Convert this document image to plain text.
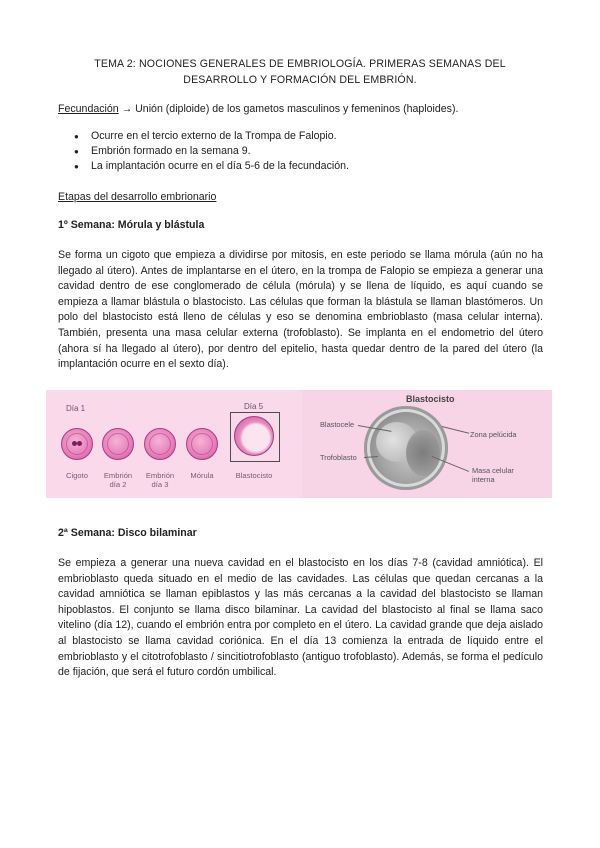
TEMA 2: NOCIONES GENERALES DE EMBRIOLOGÍA. PRIMERAS SEMANAS DEL
DESARROLLO Y FORMACIÓN DEL EMBRIÓN.
Fecundación → Unión (diploide) de los gametos masculinos y femeninos (haploides).
● Ocurre en el tercio externo de la Trompa de Falopio.
● Embrión formado en la semana 9.
● La implantación ocurre en el día 5-6 de la fecundación.
Etapas del desarrollo embrionario
1º Semana: Mórula y blástula

Se forma un cigoto que empieza a dividirse por mitosis, en este periodo se llama mórula (aún no ha llegado al útero). Antes de implantarse en el útero, en la trompa de Falopio se empieza a generar una cavidad dentro de ese conglomerado de célula (mórula) y se llena de líquido, es aquí cuando se empieza a llamar blástula o blastocisto. Las células que forman la blástula se llaman blastómeros. Un polo del blastocisto está lleno de células y eso se denomina embrioblasto (masa celular interna). También, presenta una masa celular externa (trofoblasto). Se implanta en el endometrio del útero (ahora sí ha llegado al útero), por dentro del epitelio, hasta quedar dentro de la pared del útero (la implantación ocurre en el sexto día).

Día 1	Día 5
Cigoto	Embrión
día 2
Embrión
día 3
Mórula	Blastocisto
Blastocisto
Blastocele
Trofoblasto
Zona pelúcida
Masa celular
interna
2ª Semana: Disco bilaminar

Se empieza a generar una nueva cavidad en el blastocisto en los días 7-8 (cavidad amniótica). El embrioblasto queda situado en el medio de las cavidades. Las células que quedan cercanas a la cavidad amniótica se llaman epiblastos y las más cercanas a la cavidad del blastocisto se llaman hipoblastos. El conjunto se llama disco bilaminar. La cavidad del blastocisto al final se llama saco vitelino (día 12), cuando el embrión entra por completo en el útero. La cavidad grande que deja aislado al blastocisto se llama cavidad coriónica. En el día 13 comienza la entrada de líquido entre el embrioblasto y el citotrofoblasto / sincitiotrofoblasto (antiguo trofoblasto). Además, se forma el pedículo de fijación, que será el futuro cordón umbilical.
